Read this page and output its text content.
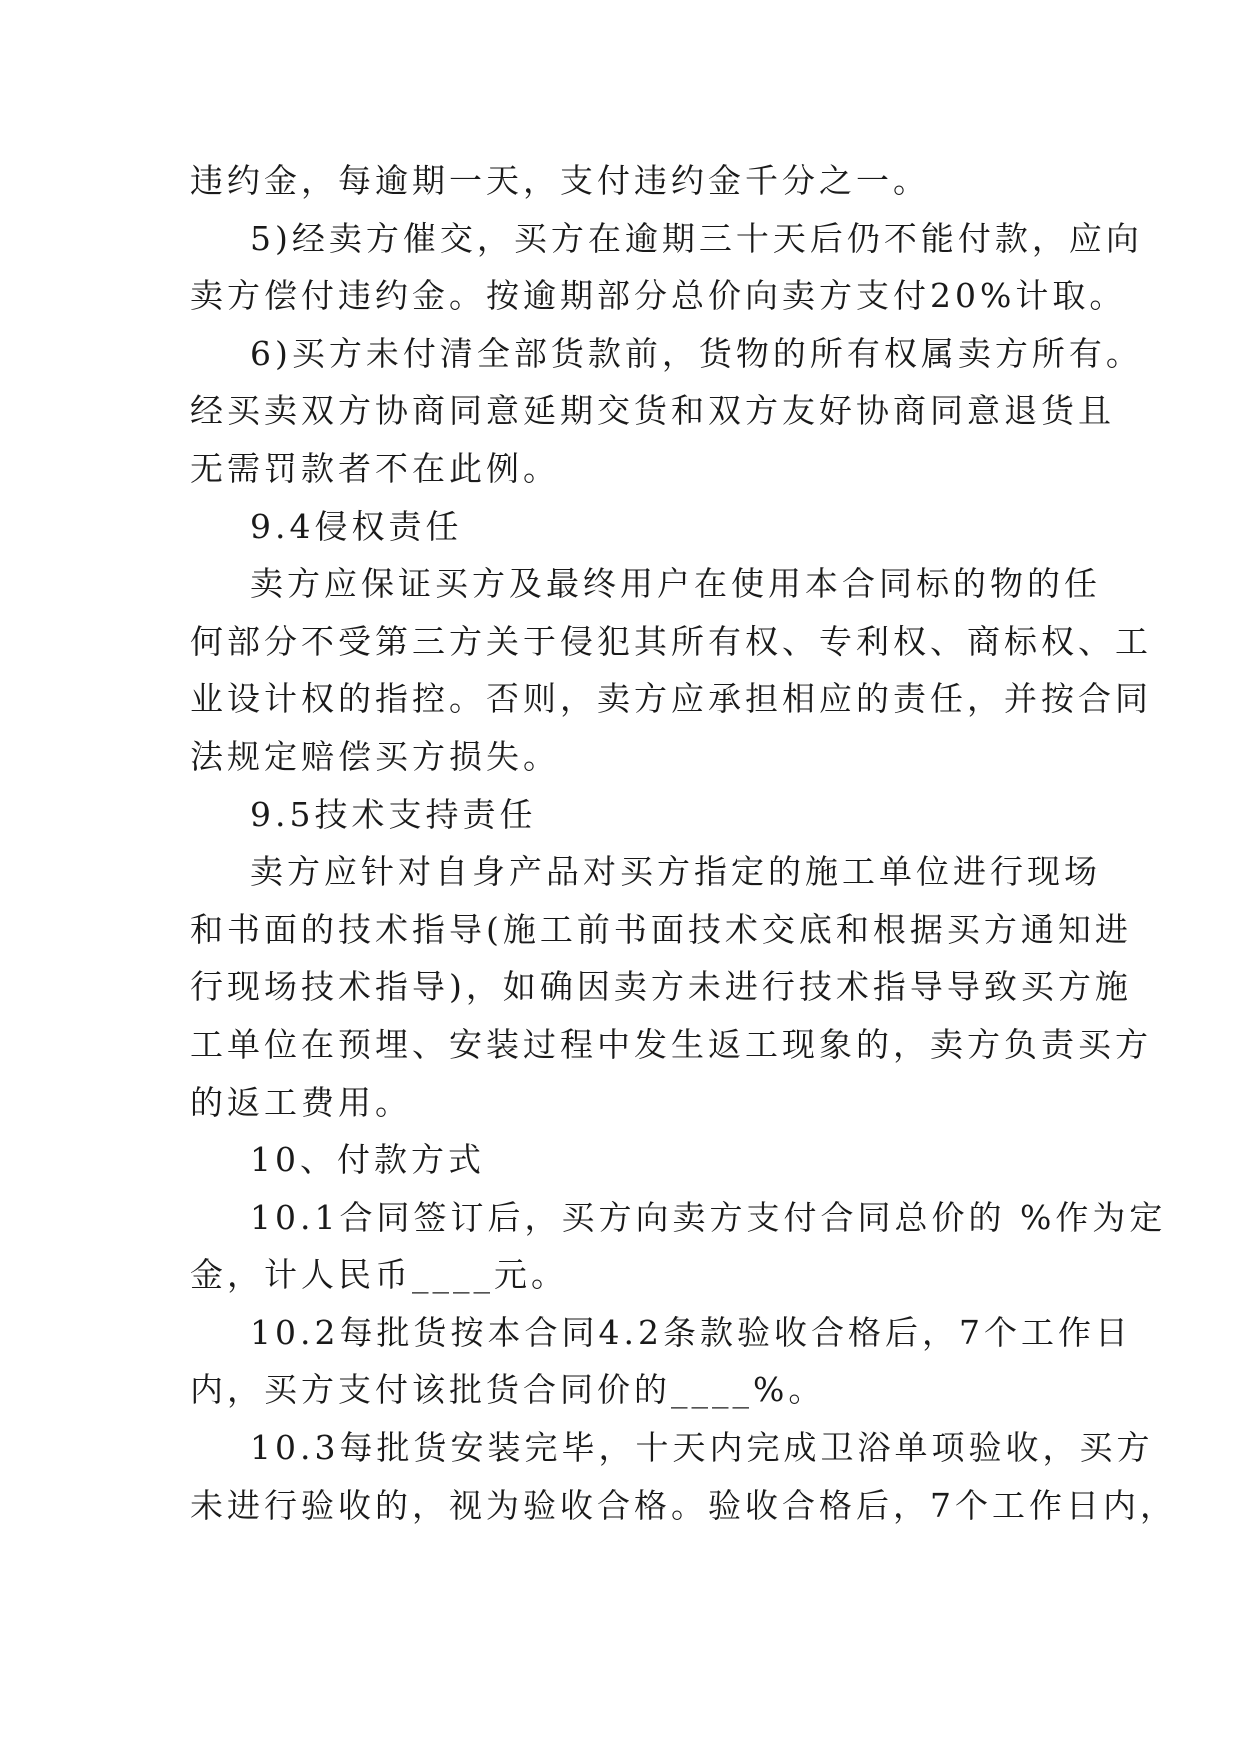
违约金，每逾期一天，支付违约金千分之一。
5)经卖方催交，买方在逾期三十天后仍不能付款，应向
卖方偿付违约金。按逾期部分总价向卖方支付20%计取。
6)买方未付清全部货款前，货物的所有权属卖方所有。
经买卖双方协商同意延期交货和双方友好协商同意退货且
无需罚款者不在此例。
9.4侵权责任
卖方应保证买方及最终用户在使用本合同标的物的任
何部分不受第三方关于侵犯其所有权、专利权、商标权、工
业设计权的指控。否则，卖方应承担相应的责任，并按合同
法规定赔偿买方损失。
9.5技术支持责任
卖方应针对自身产品对买方指定的施工单位进行现场
和书面的技术指导(施工前书面技术交底和根据买方通知进
行现场技术指导)，如确因卖方未进行技术指导导致买方施
工单位在预埋、安装过程中发生返工现象的，卖方负责买方
的返工费用。
10、付款方式
10.1合同签订后，买方向卖方支付合同总价的 %作为定
金，计人民币____元。
10.2每批货按本合同4.2条款验收合格后，7个工作日
内，买方支付该批货合同价的____%。
10.3每批货安装完毕，十天内完成卫浴单项验收，买方
未进行验收的，视为验收合格。验收合格后，7个工作日内，
